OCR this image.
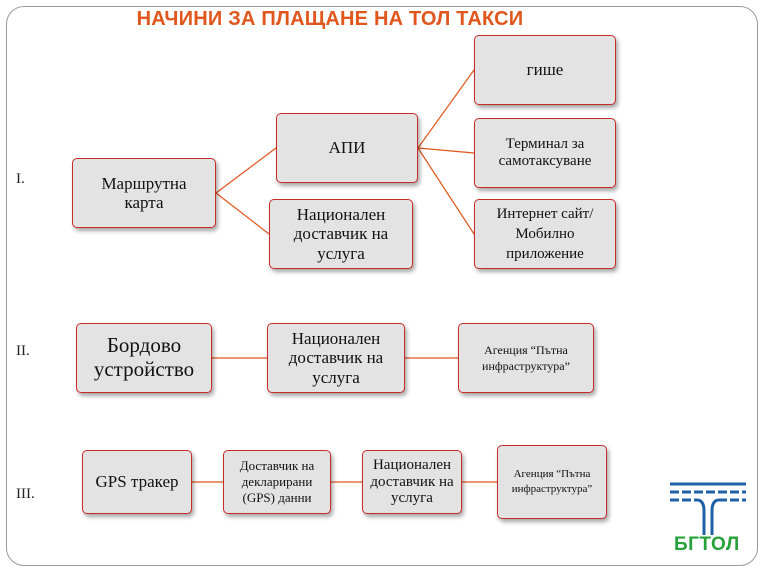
НАЧИНИ ЗА ПЛАЩАНЕ НА ТОЛ ТАКСИ
I.
II.
III.
Маршрутна карта
АПИ
Национален доставчик на услуга
гише
Терминал за самотаксуване
Интернет сайт/ Мобилно приложение
Бордово устройство
Национален доставчик на услуга
Агенция “Пътна инфраструктура”
GPS тракер
Доставчик на декларирани (GPS) данни
Национален доставчик на услуга
Агенция “Пътна инфраструктура”
БГТОЛ
